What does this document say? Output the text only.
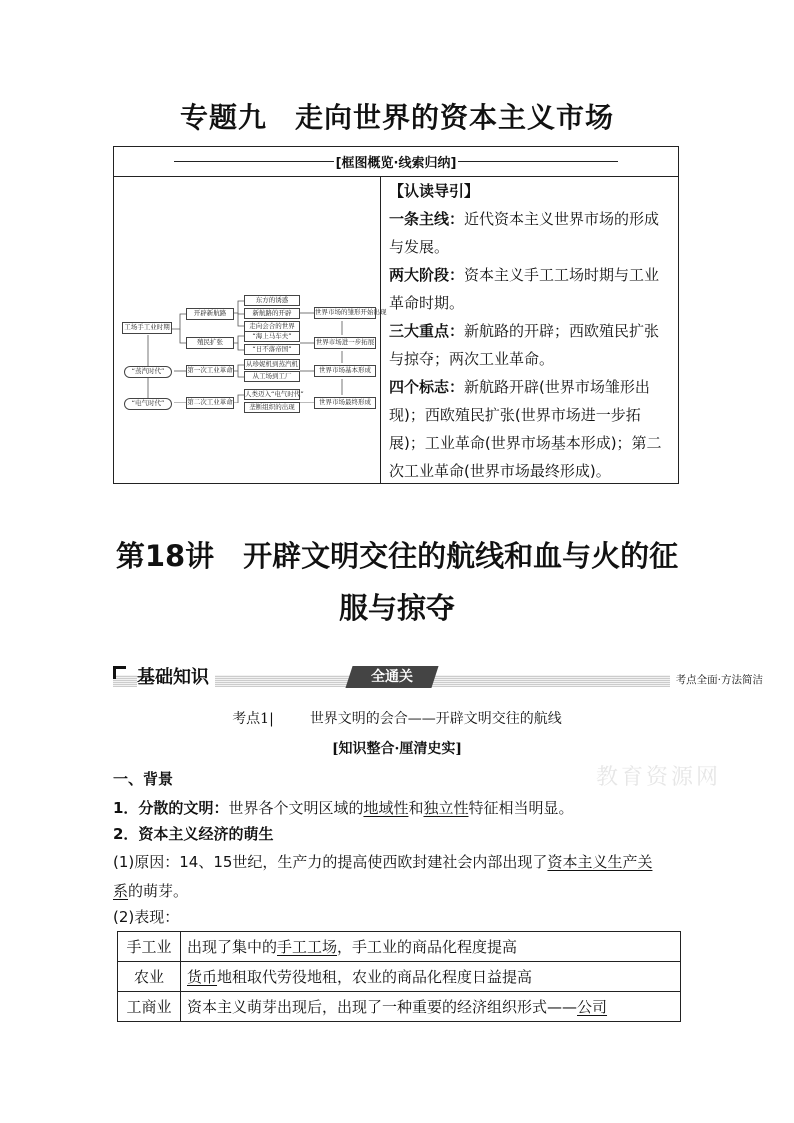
专题九 走向世界的资本主义市场
[框图概览·线索归纳]
工场手工业时期
“蒸汽时代”
“电气时代”
开辟新航路
殖民扩张
第一次工业革命
第二次工业革命
东方的诱惑
新航路的开辟
走向会合的世界
“海上马车夫”
“日不落帝国”
从珍妮机到蒸汽机
从工场到工厂
人类迈入“电气时代”
垄断组织的出现
世界市场的雏形开始出现
世界市场进一步拓展
世界市场基本形成
世界市场最终形成

【认读导引】

一条主线：近代资本主义世界市场的形成与发展。

两大阶段：资本主义手工工场时期与工业革命时期。

三大重点：新航路的开辟；西欧殖民扩张与掠夺；两次工业革命。

四个标志：新航路开辟(世界市场雏形出现)；西欧殖民扩张(世界市场进一步拓展)；工业革命(世界市场基本形成)；第二次工业革命(世界市场最终形成)。

第18讲　开辟文明交往的航线和血与火的征
服与掠夺
基础知识	全通关	考点全面·方法简洁
考点1|	世界文明的会合——开辟文明交往的航线
[知识整合·厘清史实]
教育资源网
一、背景
1．分散的文明：世界各个文明区域的地域性和独立性特征相当明显。
2．资本主义经济的萌生
(1)原因：14、15世纪，生产力的提高使西欧封建社会内部出现了资本主义生产关
系的萌芽。
(2)表现：
手工业	出现了集中的手工工场，手工业的商品化程度提高
农业	货币地租取代劳役地租，农业的商品化程度日益提高
工商业	资本主义萌芽出现后，出现了一种重要的经济组织形式——公司
